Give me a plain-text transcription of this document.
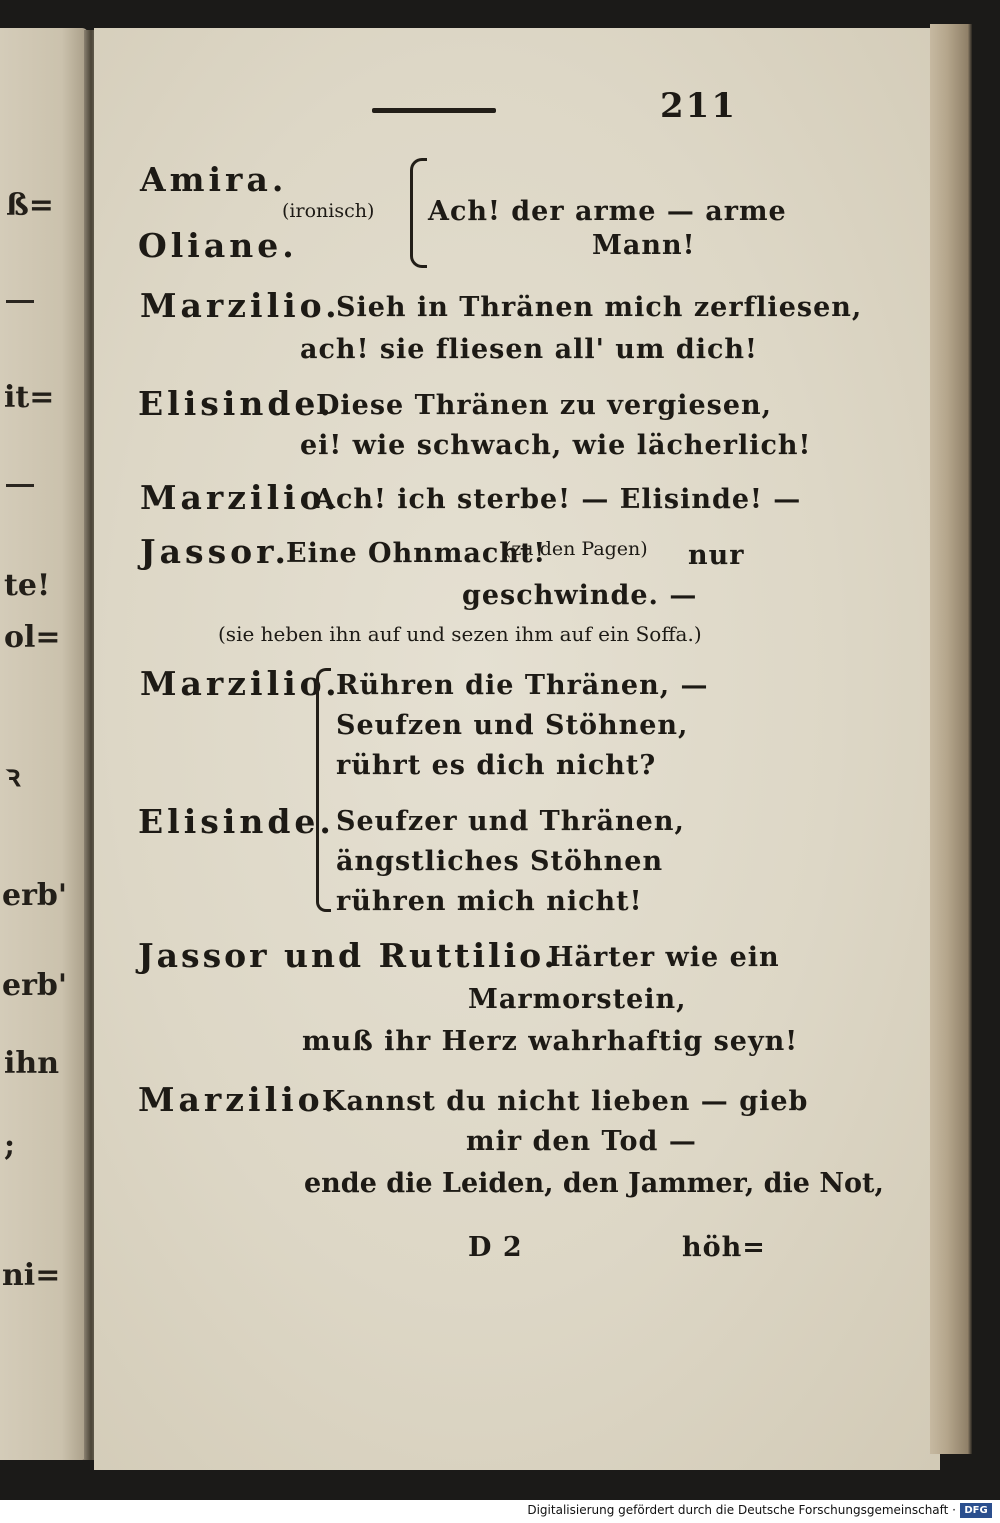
ß=
it=
te!
ol=
ꝛ
erb'
erb'
ihn
;
ni=
211
Amira.
(ironisch) Ach! der arme — arme
Oliane.	Mann!
Marzilio.
Sieh in Thränen mich zerfliesen,
ach! sie fliesen all' um dich!
Elisinde.
Diese Thränen zu vergiesen,
ei! wie schwach, wie lächerlich!
Marzilio.
Ach! ich sterbe! — Elisinde! —
Jassor.
Eine Ohnmacht!
(zu den Pagen) nur
geschwinde. —
(sie heben ihn auf und sezen ihm auf ein Soffa.)
Marzilio.
Rühren die Thränen, —
Seufzen und Stöhnen,
rührt es dich nicht?
Elisinde. Seufzer und Thränen,
ängstliches Stöhnen
rühren mich nicht!
Jassor und Ruttilio.
Härter wie ein
Marmorstein,
muß ihr Herz wahrhaftig seyn!
Marzilio.
Kannst du nicht lieben — gieb
mir den Tod —
ende die Leiden, den Jammer, die Not,
D 2	höh=
Digitalisierung gefördert durch die Deutsche Forschungsgemeinschaft · DFG
